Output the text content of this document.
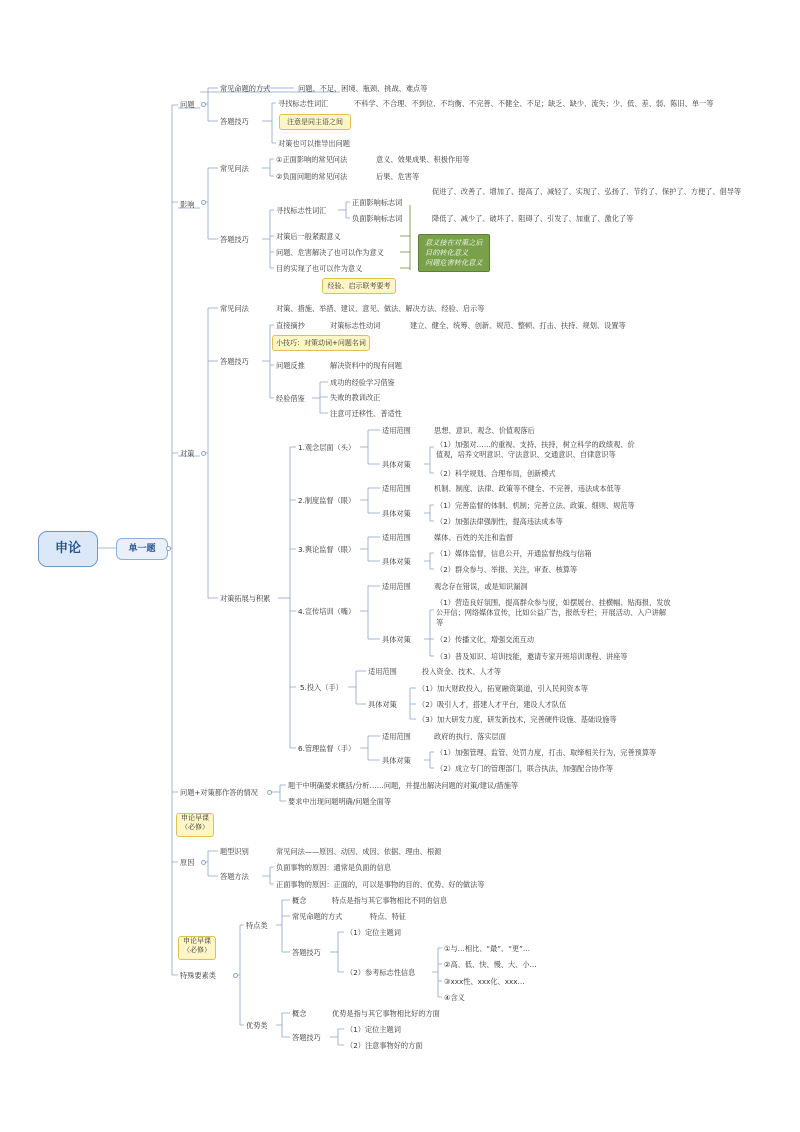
申论	单一题
问题
常见命题的方式	问题、不足、困境、瓶颈、挑战、难点等
答题技巧
寻找标志性词汇	不科学、不合理、不到位、不均衡、不完善、不健全、不足；缺乏、缺少、流失；少、低、差、弱、陈旧、单一等
注意是同主语之间
对策也可以推导出问题
影响
常见问法
①正面影响的常见问法	意义、效果成果、积极作用等
②负面问题的常见问法	后果、危害等
答题技巧
寻找标志性词汇
正面影响标志词
促进了、改善了、增加了、提高了、减轻了、实现了、弘扬了、节约了、保护了、方便了、倡导等
负面影响标志词	降低了、减少了、破坏了、阻碍了、引发了、加重了、激化了等
对策后一般紧跟意义
问题、危害解决了也可以作为意义
目的实现了也可以作为意义
意义接在对策之后
目的转化意义
问题危害转化意义
经验、启示联考要考
对策
常见问法	对策、措施、举措、建议、意见、做法、解决方法、经验、启示等
答题技巧
直接摘抄	对策标志性动词	建立、健全、统筹、创新、规范、整顿、打击、扶持、规划、设置等
小技巧：对策动词+问题名词
问题反推	解决资料中的现有问题
经验借鉴
成功的经验学习借鉴
失败的教训改正
注意可迁移性、普适性
对策拓展与积累
1.观念层面（头）
适用范围	思想、意识、观念、价值观落后
具体对策
（1）加强对……的重视、支持、扶持，树立科学的政绩观、价
值观，培养文明意识、守法意识、交通意识、自律意识等
（2）科学规划、合理布局，创新模式
2.制度监督（眼）
适用范围	机制、制度、法律、政策等不健全、不完善，违法成本低等
具体对策
（1）完善监督的体制、机制；完善立法、政策、细则、规范等
（2）加强法律强制性，提高违法成本等
3.舆论监督（眼）
适用范围	媒体、百姓的关注和监督
具体对策
（1）媒体监督，信息公开，开通监督热线与信箱
（2）群众参与、举报、关注，审查、核算等
4.宣传培训（嘴）
适用范围	观念存在错误，或是知识漏洞
具体对策
（1）营造良好氛围，提高群众参与度，如摆展台、挂横幅、贴海报、发放
公开信；网络媒体宣传，比如公益广告，报纸专栏；开展活动、入户讲解
等
（2）传播文化，增强交流互动
（3）普及知识、培训技能，邀请专家开班培训课程、讲座等
5.投入（手）
适用范围	投入资金、技术、人才等
具体对策
（1）加大财政投入，拓宽融资渠道，引入民间资本等
（2）吸引人才，搭建人才平台，建设人才队伍
（3）加大研发力度，研发新技术，完善硬件设施、基础设施等
6.管理监督（手）
适用范围	政府的执行、落实层面
具体对策
（1）加强管理、监管、处罚力度，打击、取缔相关行为，完善预算等
（2）成立专门的管理部门，联合执法，加强配合协作等
问题+对策都作答的情况
题干中明确要求概括/分析……问题，并提出解决问题的对策/建议/措施等
要求中出现问题明确/问题全面等
申论早课
（必修）
原因
题型识别	常见问法——原因、动因、成因、依据、理由、根源
答题方法
负面事物的原因：通常是负面的信息
正面事物的原因：正面的，可以是事物的目的、优势、好的做法等
申论早课
（必修）
特殊要素类
特点类
概念	特点是指与其它事物相比不同的信息
常见命题的方式	特点、特征
答题技巧
（1）定位主题词
（2）参考标志性信息
①与…相比、“最”、“更”…
②高、低、快、慢、大、小…
③xxx性、xxx化、xxx…
④含义
优势类
概念	优势是指与其它事物相比好的方面
答题技巧
（1）定位主题词
（2）注意事物好的方面
